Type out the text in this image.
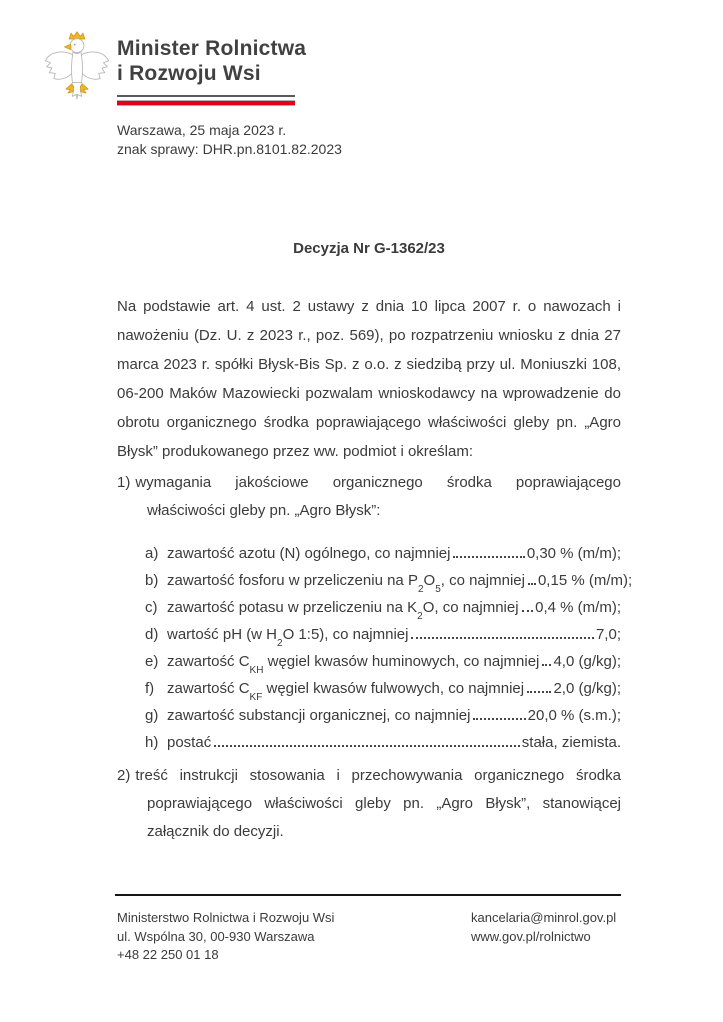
Minister Rolnictwa
i Rozwoju Wsi
Warszawa, 25 maja 2023 r.
znak sprawy: DHR.pn.8101.82.2023
Decyzja Nr G-1362/23
Na podstawie art. 4 ust. 2 ustawy z dnia 10 lipca 2007 r. o nawozach i nawożeniu (Dz. U. z 2023 r., poz. 569), po rozpatrzeniu wniosku z dnia 27 marca 2023 r. spółki Błysk-Bis Sp. z o.o. z siedzibą przy ul. Moniuszki 108, 06-200 Maków Mazowiecki pozwalam wnioskodawcy na wprowadzenie do obrotu organicznego środka poprawiającego właściwości gleby pn. „Agro Błysk” produkowanego przez ww. podmiot i określam:
1) wymagania jakościowe organicznego środka poprawiającego właściwości gleby pn. „Agro Błysk”:
a) zawartość azotu (N) ogólnego, co najmniej	0,30 % (m/m);
b) zawartość fosforu w przeliczeniu na $P_2O_5$, co najmniej 0,15 % (m/m);
c) zawartość potasu w przeliczeniu na $K_2O$, co najmniej 0,4 % (m/m);
d) wartość pH (w $H_2O$ 1:5), co najmniej	7,0;
e) zawartość $C_{KH}$ węgiel kwasów huminowych, co najmniej 4,0 (g/kg);
f) zawartość $C_{KF}$ węgiel kwasów fulwowych, co najmniej 2,0 (g/kg);
g) zawartość substancji organicznej, co najmniej	20,0 % (s.m.);
h) postać	stała, ziemista.
2) treść instrukcji stosowania i przechowywania organicznego środka poprawiającego właściwości gleby pn. „Agro Błysk”, stanowiącej załącznik do decyzji.
Ministerstwo Rolnictwa i Rozwoju Wsi
ul. Wspólna 30, 00-930 Warszawa
+48 22 250 01 18
kancelaria@minrol.gov.pl
www.gov.pl/rolnictwo
